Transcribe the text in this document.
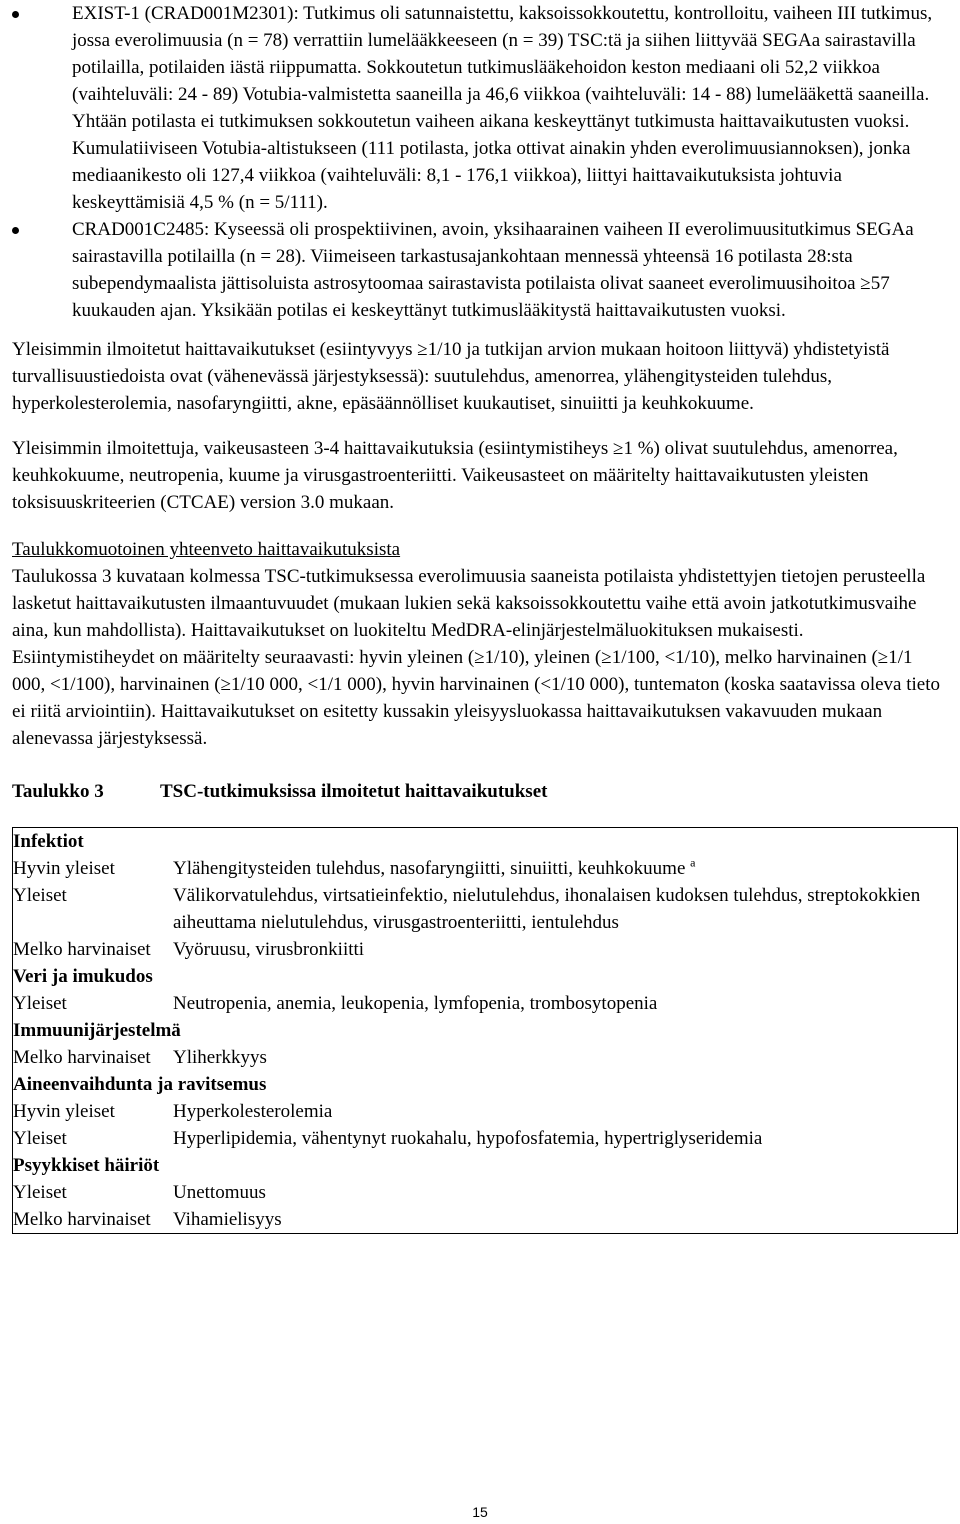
EXIST-1 (CRAD001M2301): Tutkimus oli satunnaistettu, kaksoissokkoutettu, kontrolloitu, vaiheen III tutkimus, jossa everolimuusia (n = 78) verrattiin lumelääkkeeseen (n = 39) TSC:tä ja siihen liittyvää SEGAa sairastavilla potilailla, potilaiden iästä riippumatta. Sokkoutetun tutkimuslääkehoidon keston mediaani oli 52,2 viikkoa (vaihteluväli: 24 - 89) Votubia-valmistetta saaneilla ja 46,6 viikkoa (vaihteluväli: 14 - 88) lumelääkettä saaneilla. Yhtään potilasta ei tutkimuksen sokkoutetun vaiheen aikana keskeyttänyt tutkimusta haittavaikutusten vuoksi. Kumulatiiviseen Votubia-altistukseen (111 potilasta, jotka ottivat ainakin yhden everolimuusiannoksen), jonka mediaanikesto oli 127,4 viikkoa (vaihteluväli: 8,1 - 176,1 viikkoa), liittyi haittavaikutuksista johtuvia keskeyttämisiä 4,5 % (n = 5/111).
CRAD001C2485: Kyseessä oli prospektiivinen, avoin, yksihaarainen vaiheen II everolimuusitutkimus SEGAa sairastavilla potilailla (n = 28). Viimeiseen tarkastusajankohtaan mennessä yhteensä 16 potilasta 28:sta subependymaalista jättisoluista astrosytoomaa sairastavista potilaista olivat saaneet everolimuusihoitoa ≥57 kuukauden ajan. Yksikään potilas ei keskeyttänyt tutkimuslääkitystä haittavaikutusten vuoksi.

Yleisimmin ilmoitetut haittavaikutukset (esiintyvyys ≥1/10 ja tutkijan arvion mukaan hoitoon liittyvä) yhdistetyistä turvallisuustiedoista ovat (vähenevässä järjestyksessä): suutulehdus, amenorrea, ylähengitysteiden tulehdus, hyperkolesterolemia, nasofaryngiitti, akne, epäsäännölliset kuukautiset, sinuiitti ja keuhkokuume.

Yleisimmin ilmoitettuja, vaikeusasteen 3-4 haittavaikutuksia (esiintymistiheys ≥1 %) olivat suutulehdus, amenorrea, keuhkokuume, neutropenia, kuume ja virusgastroenteriitti. Vaikeusasteet on määritelty haittavaikutusten yleisten toksisuuskriteerien (CTCAE) version 3.0 mukaan.

Taulukkomuotoinen yhteenveto haittavaikutuksista

Taulukossa 3 kuvataan kolmessa TSC-tutkimuksessa everolimuusia saaneista potilaista yhdistettyjen tietojen perusteella lasketut haittavaikutusten ilmaantuvuudet (mukaan lukien sekä kaksoissokkoutettu vaihe että avoin jatkotutkimusvaihe aina, kun mahdollista). Haittavaikutukset on luokiteltu MedDRA-elinjärjestelmäluokituksen mukaisesti. Esiintymistiheydet on määritelty seuraavasti: hyvin yleinen (≥1/10), yleinen (≥1/100, <1/10), melko harvinainen (≥1/1 000, <1/100), harvinainen (≥1/10 000, <1/1 000), hyvin harvinainen (<1/10 000), tuntematon (koska saatavissa oleva tieto ei riitä arviointiin). Haittavaikutukset on esitetty kussakin yleisyysluokassa haittavaikutuksen vakavuuden mukaan alenevassa järjestyksessä.

Taulukko 3	TSC-tutkimuksissa ilmoitetut haittavaikutukset
Infektiot	
Hyvin yleiset	Ylähengitysteiden tulehdus, nasofaryngiitti, sinuiitti, keuhkokuume $^a$
Yleiset	Välikorvatulehdus, virtsatieinfektio, nielutulehdus, ihonalaisen kudoksen tulehdus, streptokokkien aiheuttama nielutulehdus, virusgastroenteriitti, ientulehdus
Melko harvinaiset	Vyöruusu, virusbronkiitti
Veri ja imukudos	
Yleiset	Neutropenia, anemia, leukopenia, lymfopenia, trombosytopenia
Immuunijärjestelmä	
Melko harvinaiset	Yliherkkyys
Aineenvaihdunta ja ravitsemus	
Hyvin yleiset	Hyperkolesterolemia
Yleiset	Hyperlipidemia, vähentynyt ruokahalu, hypofosfatemia, hypertriglyseridemia
Psyykkiset häiriöt	
Yleiset	Unettomuus
Melko harvinaiset	Vihamielisyys
15
